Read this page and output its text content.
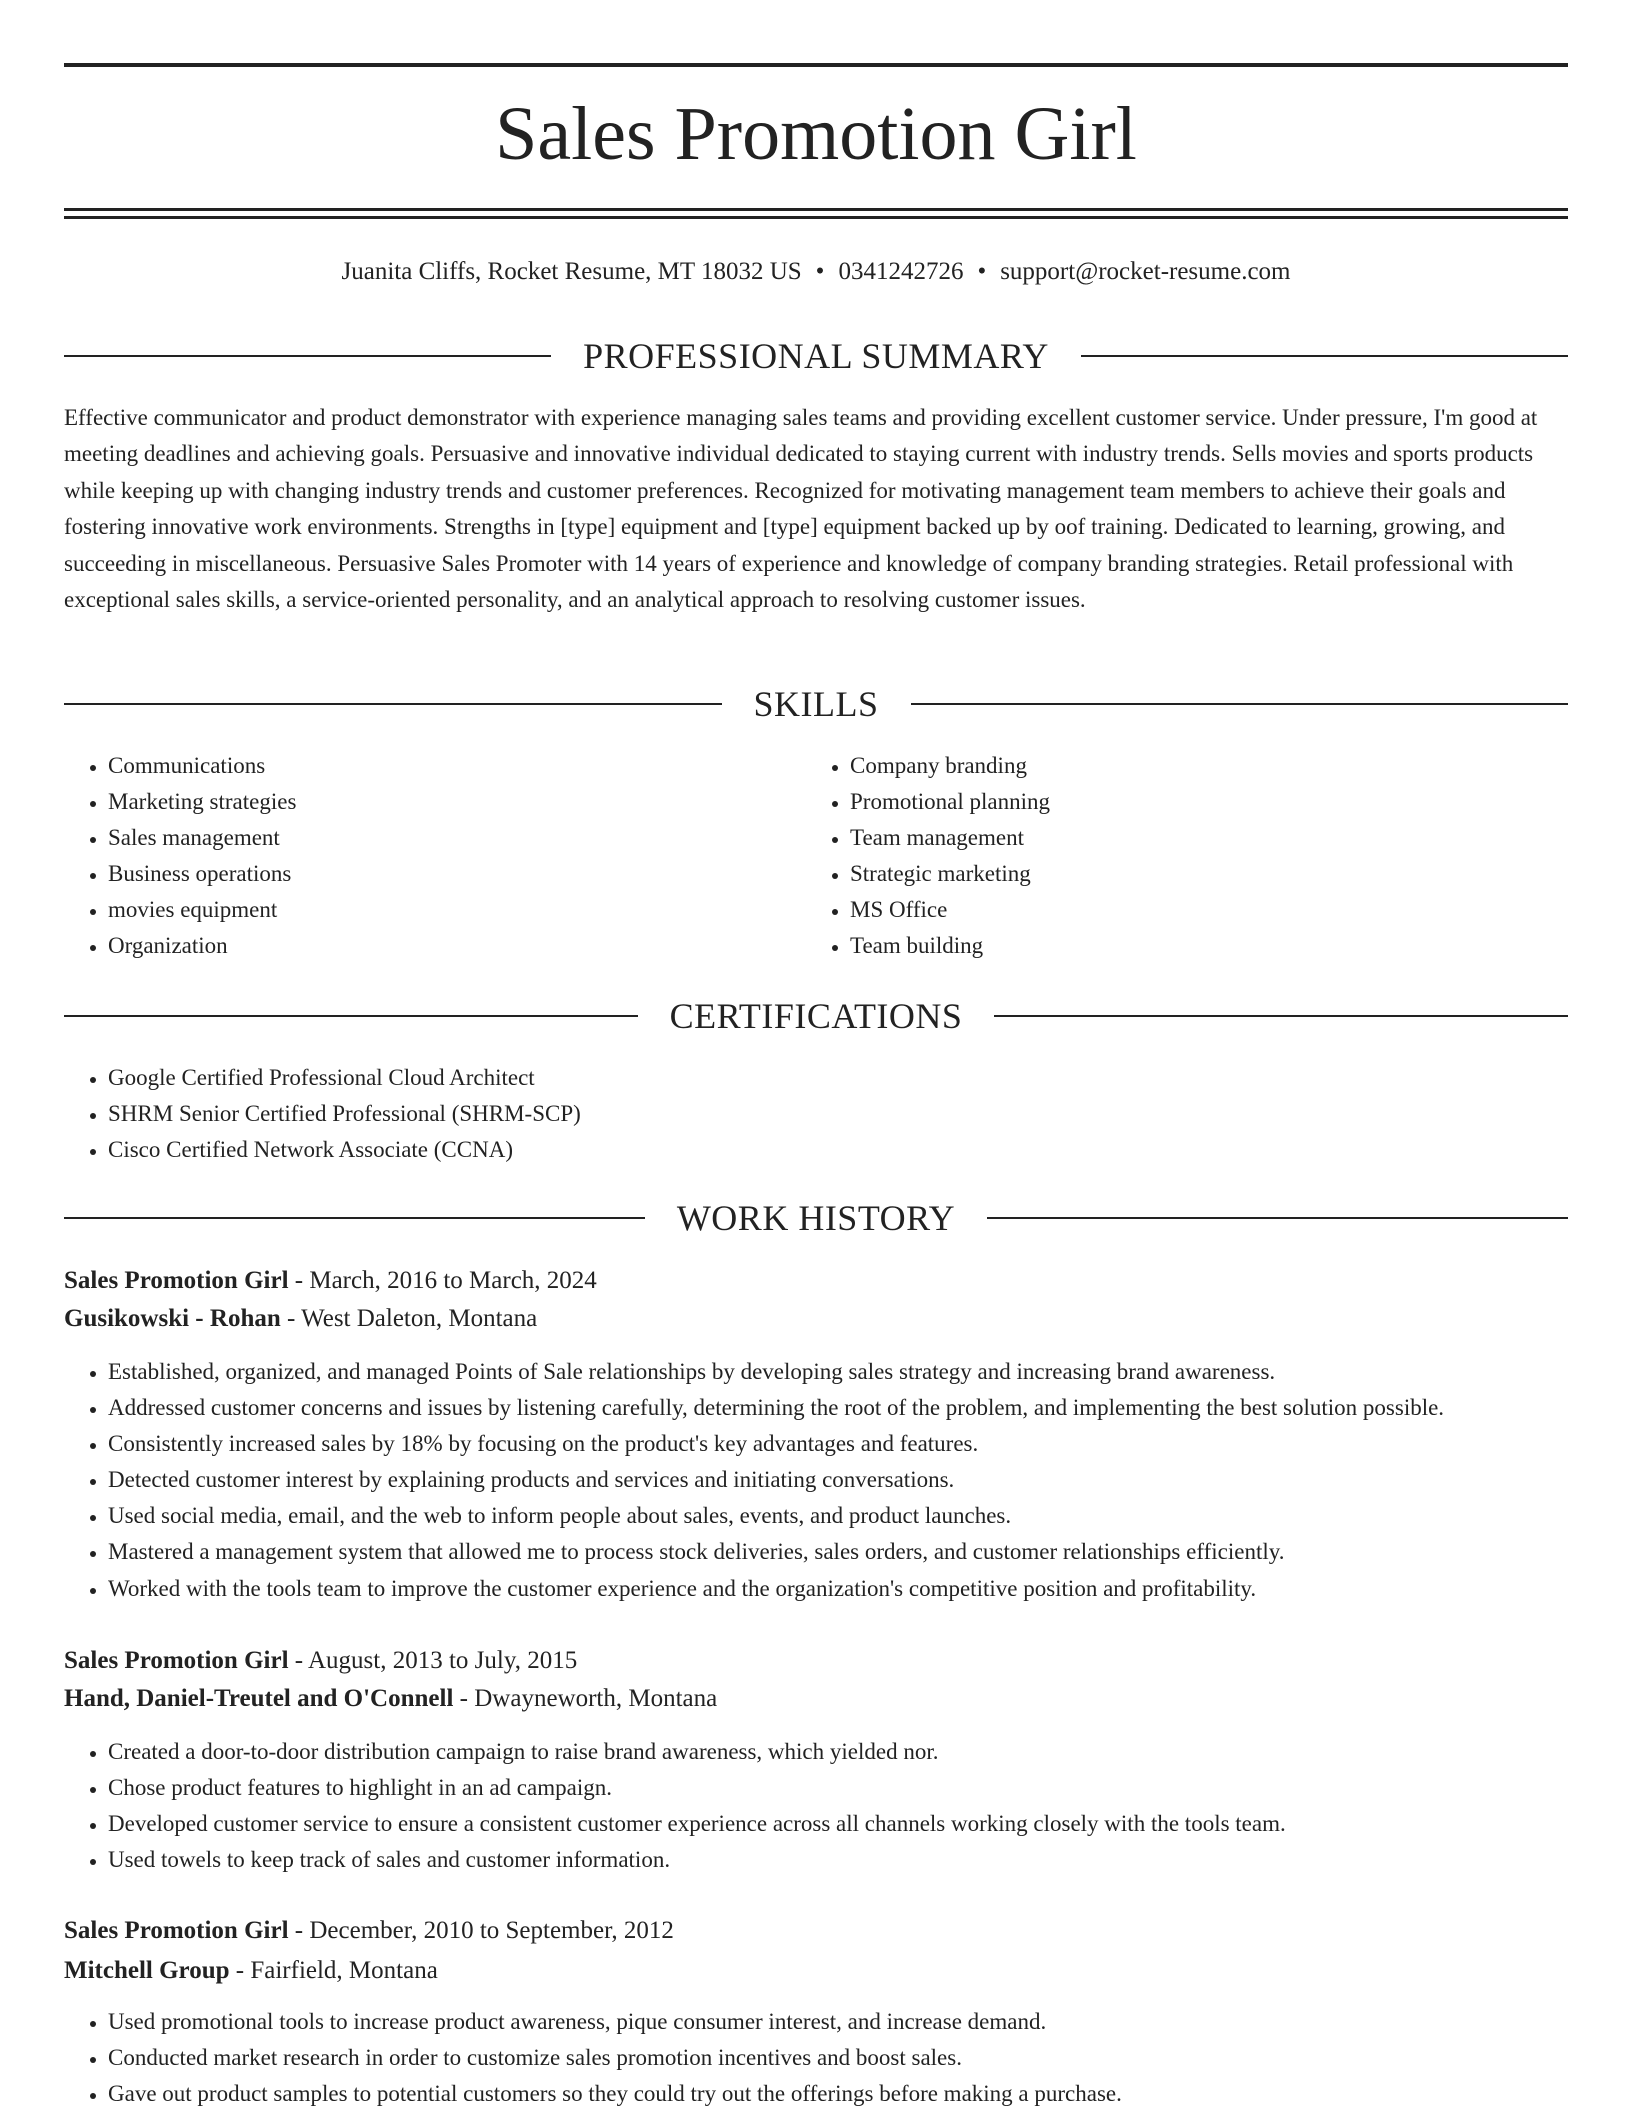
Sales Promotion Girl
Juanita Cliffs, Rocket Resume, MT 18032 US • 0341242726 • support@rocket-resume.com
PROFESSIONAL SUMMARY

Effective communicator and product demonstrator with experience managing sales teams and providing excellent customer service. Under pressure, I'm good at meeting deadlines and achieving goals. Persuasive and innovative individual dedicated to staying current with industry trends. Sells movies and sports products while keeping up with changing industry trends and customer preferences. Recognized for motivating management team members to achieve their goals and fostering innovative work environments. Strengths in [type] equipment and [type] equipment backed up by oof training. Dedicated to learning, growing, and succeeding in miscellaneous. Persuasive Sales Promoter with 14 years of experience and knowledge of company branding strategies. Retail professional with exceptional sales skills, a service-oriented personality, and an analytical approach to resolving customer issues.

SKILLS
• Communications
• Marketing strategies
• Sales management
• Business operations
• movies equipment
• Organization
• Company branding
• Promotional planning
• Team management
• Strategic marketing
• MS Office
• Team building
CERTIFICATIONS
• Google Certified Professional Cloud Architect
• SHRM Senior Certified Professional (SHRM-SCP)
• Cisco Certified Network Associate (CCNA)
WORK HISTORY
Sales Promotion Girl - March, 2016 to March, 2024
Gusikowski - Rohan - West Daleton, Montana
• Established, organized, and managed Points of Sale relationships by developing sales strategy and increasing brand awareness.
• Addressed customer concerns and issues by listening carefully, determining the root of the problem, and implementing the best solution possible.
• Consistently increased sales by 18% by focusing on the product's key advantages and features.
• Detected customer interest by explaining products and services and initiating conversations.
• Used social media, email, and the web to inform people about sales, events, and product launches.
• Mastered a management system that allowed me to process stock deliveries, sales orders, and customer relationships efficiently.
• Worked with the tools team to improve the customer experience and the organization's competitive position and profitability.
Sales Promotion Girl - August, 2013 to July, 2015
Hand, Daniel-Treutel and O'Connell - Dwayneworth, Montana
• Created a door-to-door distribution campaign to raise brand awareness, which yielded nor.
• Chose product features to highlight in an ad campaign.
• Developed customer service to ensure a consistent customer experience across all channels working closely with the tools team.
• Used towels to keep track of sales and customer information.
Sales Promotion Girl - December, 2010 to September, 2012
Mitchell Group - Fairfield, Montana
• Used promotional tools to increase product awareness, pique consumer interest, and increase demand.
• Conducted market research in order to customize sales promotion incentives and boost sales.
• Gave out product samples to potential customers so they could try out the offerings before making a purchase.
